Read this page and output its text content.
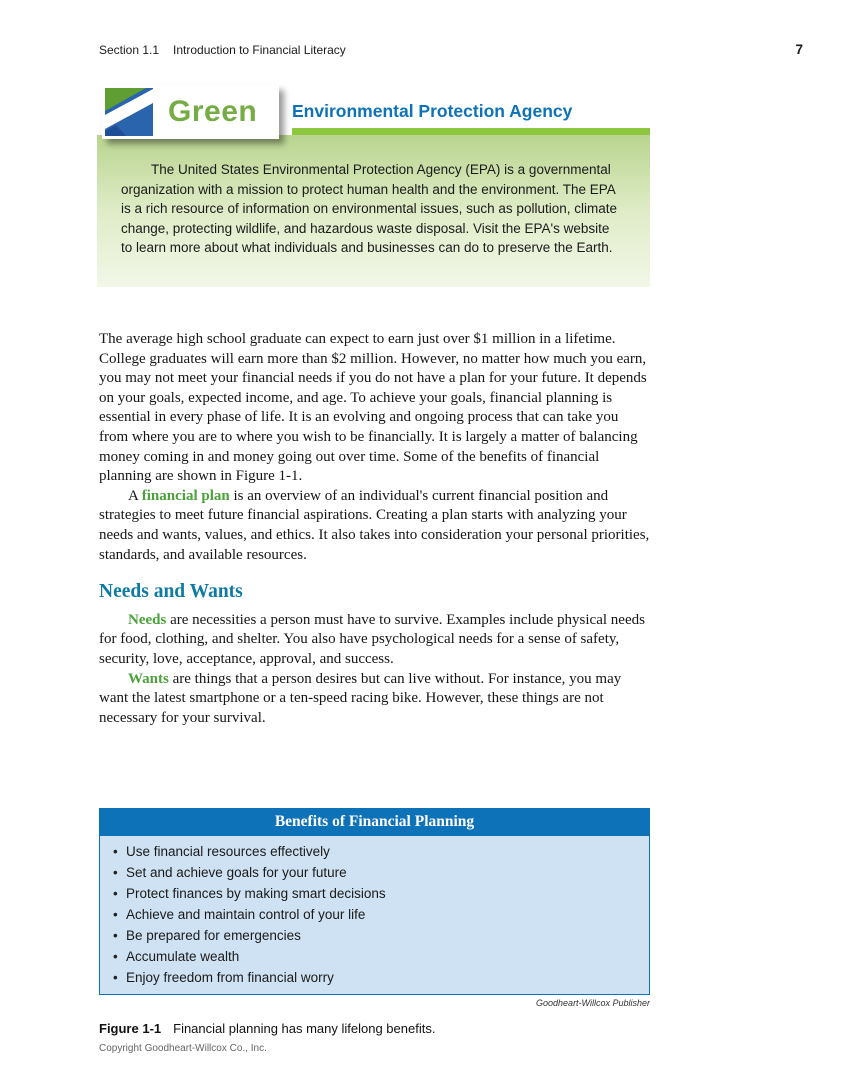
Section 1.1 Introduction to Financial Literacy	7
Environmental Protection Agency
Green
The United States Environmental Protection Agency (EPA) is a governmental organization with a mission to protect human health and the environment. The EPA is a rich resource of information on environmental issues, such as pollution, climate change, protecting wildlife, and hazardous waste disposal. Visit the EPA's website to learn more about what individuals and businesses can do to preserve the Earth.

The average high school graduate can expect to earn just over $1 million in a lifetime. College graduates will earn more than $2 million. However, no matter how much you earn, you may not meet your financial needs if you do not have a plan for your future. It depends on your goals, expected income, and age. To achieve your goals, financial planning is essential in every phase of life. It is an evolving and ongoing process that can take you from where you are to where you wish to be financially. It is largely a matter of balancing money coming in and money going out over time. Some of the benefits of financial planning are shown in Figure 1-1.

A financial plan is an overview of an individual's current financial position and strategies to meet future financial aspirations. Creating a plan starts with analyzing your needs and wants, values, and ethics. It also takes into consideration your personal priorities, standards, and available resources.

Needs and Wants

Needs are necessities a person must have to survive. Examples include physical needs for food, clothing, and shelter. You also have psychological needs for a sense of safety, security, love, acceptance, approval, and success.

Wants are things that a person desires but can live without. For instance, you may want the latest smartphone or a ten-speed racing bike. However, these things are not necessary for your survival.

Benefits of Financial Planning
• Use financial resources effectively
• Set and achieve goals for your future
• Protect finances by making smart decisions
• Achieve and maintain control of your life
• Be prepared for emergencies
• Accumulate wealth
• Enjoy freedom from financial worry
Goodheart-Willcox Publisher
Figure 1-1 Financial planning has many lifelong benefits.
Copyright Goodheart-Willcox Co., Inc.
